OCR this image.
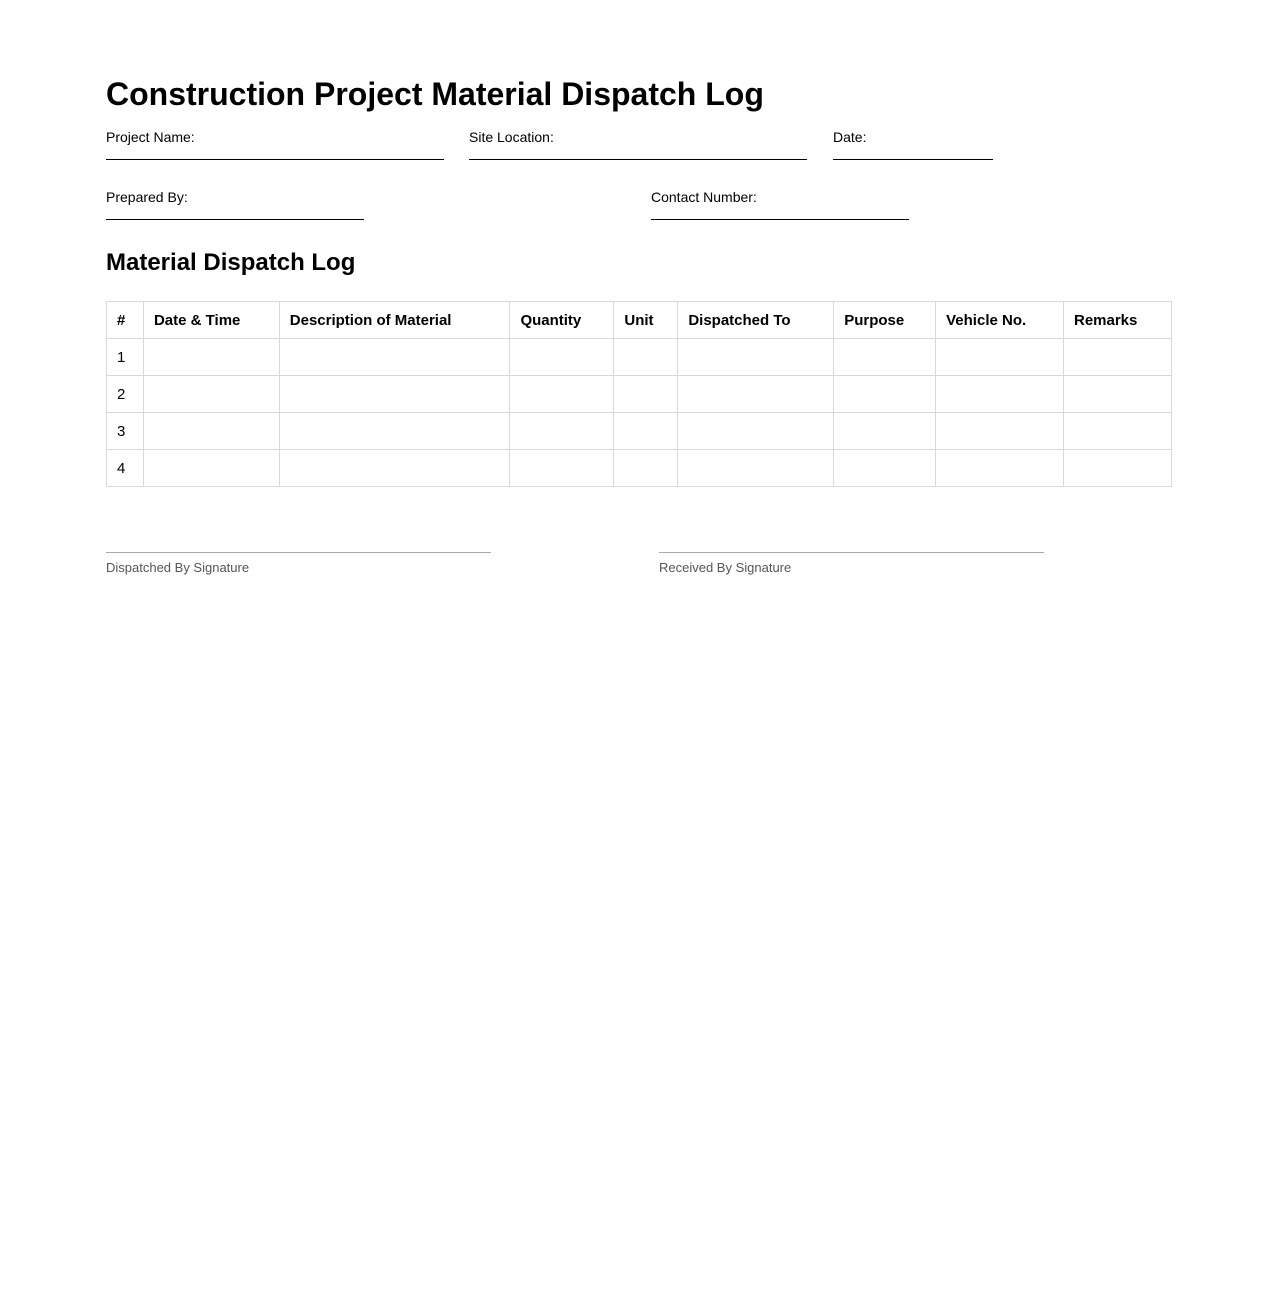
Construction Project Material Dispatch Log
Project Name:	Site Location:	Date:
Prepared By:	Contact Number:
Material Dispatch Log
#	Date & Time	Description of Material	Quantity	Unit	Dispatched To	Purpose	Vehicle No.	Remarks
1								
2								
3								
4								
Dispatched By Signature	Received By Signature
